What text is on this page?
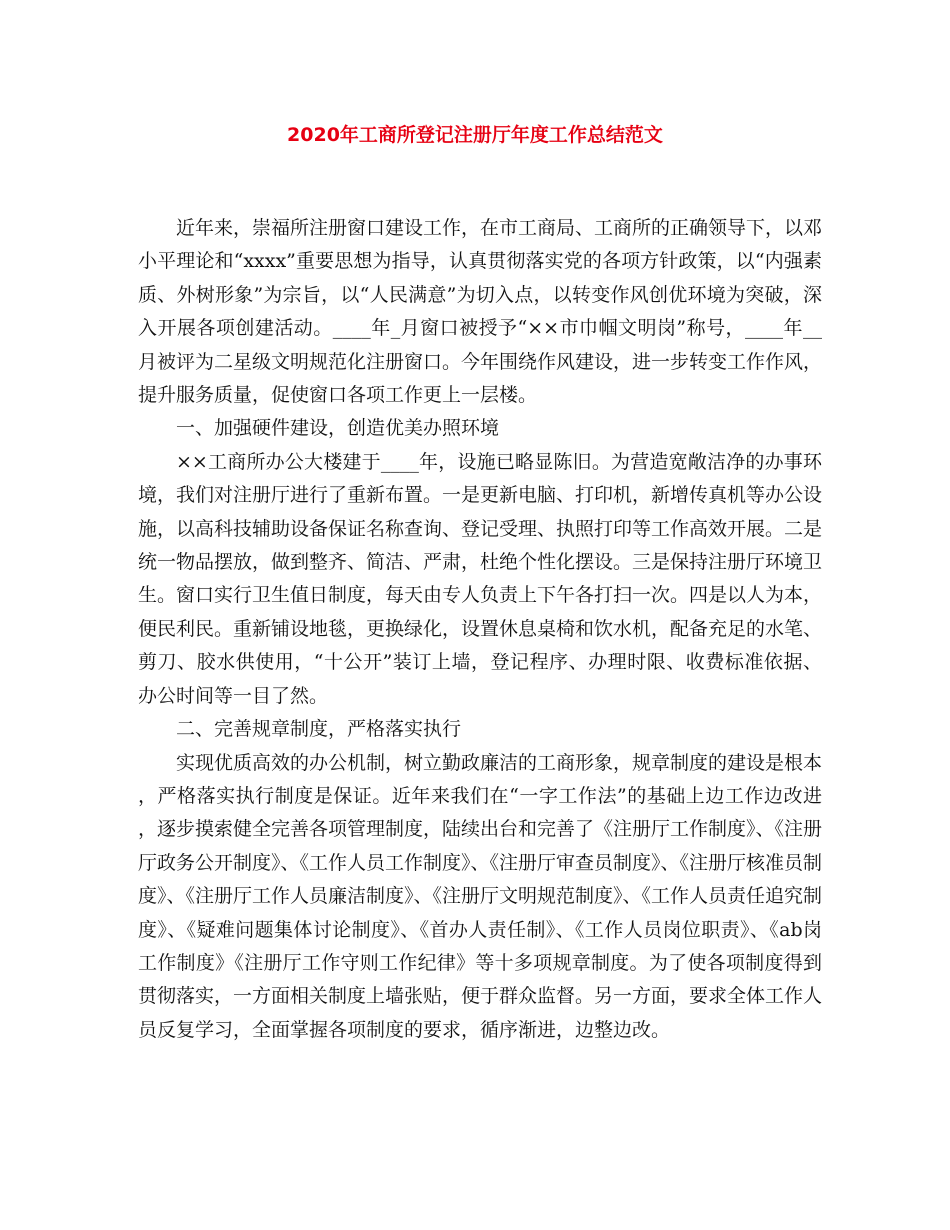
2020年工商所登记注册厅年度工作总结范文

近年来，崇福所注册窗口建设工作，在市工商局、工商所的正确领导下，以邓小平理论和“xxxx”重要思想为指导，认真贯彻落实党的各项方针政策，以“内强素质、外树形象”为宗旨，以“人民满意”为切入点，以转变作风创优环境为突破，深入开展各项创建活动。____年_月窗口被授予“××市巾帼文明岗”称号，____年__月被评为二星级文明规范化注册窗口。今年围绕作风建设，进一步转变工作作风，提升服务质量，促使窗口各项工作更上一层楼。

一、加强硬件建设，创造优美办照环境

××工商所办公大楼建于____年，设施已略显陈旧。为营造宽敞洁净的办事环境，我们对注册厅进行了重新布置。一是更新电脑、打印机，新增传真机等办公设施，以高科技辅助设备保证名称查询、登记受理、执照打印等工作高效开展。二是统一物品摆放，做到整齐、简洁、严肃，杜绝个性化摆设。三是保持注册厅环境卫生。窗口实行卫生值日制度，每天由专人负责上下午各打扫一次。四是以人为本，便民利民。重新铺设地毯，更换绿化，设置休息桌椅和饮水机，配备充足的水笔、剪刀、胶水供使用，“十公开”装订上墙，登记程序、办理时限、收费标准依据、办公时间等一目了然。

二、完善规章制度，严格落实执行

实现优质高效的办公机制，树立勤政廉洁的工商形象，规章制度的建设是根本，严格落实执行制度是保证。近年来我们在“一字工作法”的基础上边工作边改进，逐步摸索健全完善各项管理制度，陆续出台和完善了《注册厅工作制度》、《注册厅政务公开制度》、《工作人员工作制度》、《注册厅审查员制度》、《注册厅核准员制度》、《注册厅工作人员廉洁制度》、《注册厅文明规范制度》、《工作人员责任追究制度》、《疑难问题集体讨论制度》、《首办人责任制》、《工作人员岗位职责》、《ab岗工作制度》《注册厅工作守则工作纪律》等十多项规章制度。为了使各项制度得到贯彻落实，一方面相关制度上墙张贴，便于群众监督。另一方面，要求全体工作人员反复学习，全面掌握各项制度的要求，循序渐进，边整边改。
